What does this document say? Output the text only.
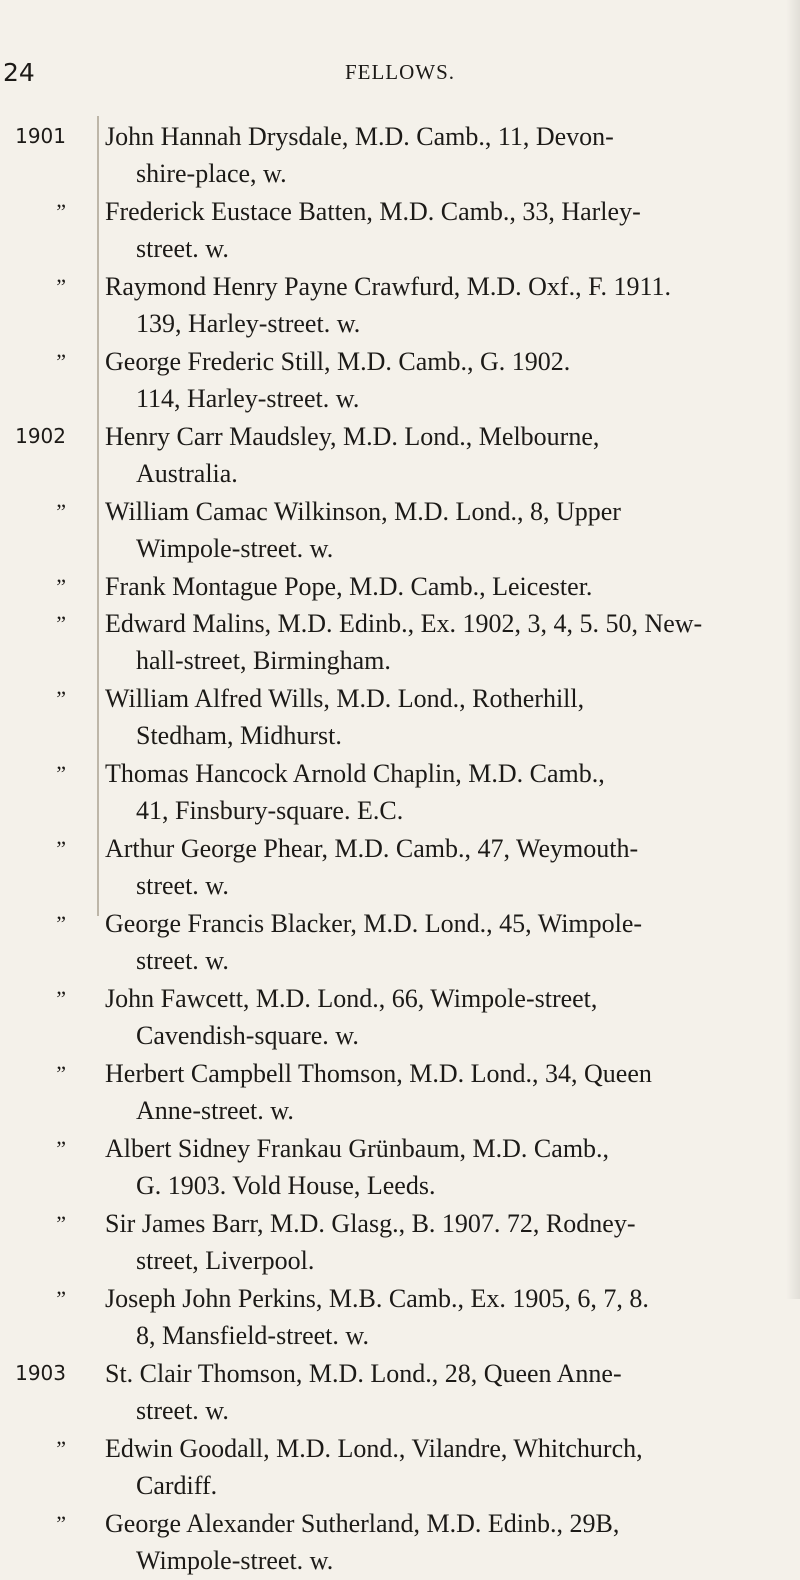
24	FELLOWS.
1901 John Hannah Drysdale, M.D. Camb., 11, Devon-
shire-place, w.
” Frederick Eustace Batten, M.D. Camb., 33, Harley-
street. w.
” Raymond Henry Payne Crawfurd, M.D. Oxf., F. 1911.
139, Harley-street. w.
” George Frederic Still, M.D. Camb., G. 1902.
114, Harley-street. w.
1902 Henry Carr Maudsley, M.D. Lond., Melbourne,
Australia.
” William Camac Wilkinson, M.D. Lond., 8, Upper
Wimpole-street. w.
” Frank Montague Pope, M.D. Camb., Leicester.
” Edward Malins, M.D. Edinb., Ex. 1902, 3, 4, 5. 50, New-
hall-street, Birmingham.
” William Alfred Wills, M.D. Lond., Rotherhill,
Stedham, Midhurst.
” Thomas Hancock Arnold Chaplin, M.D. Camb.,
41, Finsbury-square. E.C.
” Arthur George Phear, M.D. Camb., 47, Weymouth-
street. w.
” George Francis Blacker, M.D. Lond., 45, Wimpole-
street. w.
” John Fawcett, M.D. Lond., 66, Wimpole-street,
Cavendish-square. w.
” Herbert Campbell Thomson, M.D. Lond., 34, Queen
Anne-street. w.
” Albert Sidney Frankau Grünbaum, M.D. Camb.,
G. 1903. Vold House, Leeds.
” Sir James Barr, M.D. Glasg., B. 1907. 72, Rodney-
street, Liverpool.
” Joseph John Perkins, M.B. Camb., Ex. 1905, 6, 7, 8.
8, Mansfield-street. w.
1903 St. Clair Thomson, M.D. Lond., 28, Queen Anne-
street. w.
” Edwin Goodall, M.D. Lond., Vilandre, Whitchurch,
Cardiff.
” George Alexander Sutherland, M.D. Edinb., 29B,
Wimpole-street. w.
